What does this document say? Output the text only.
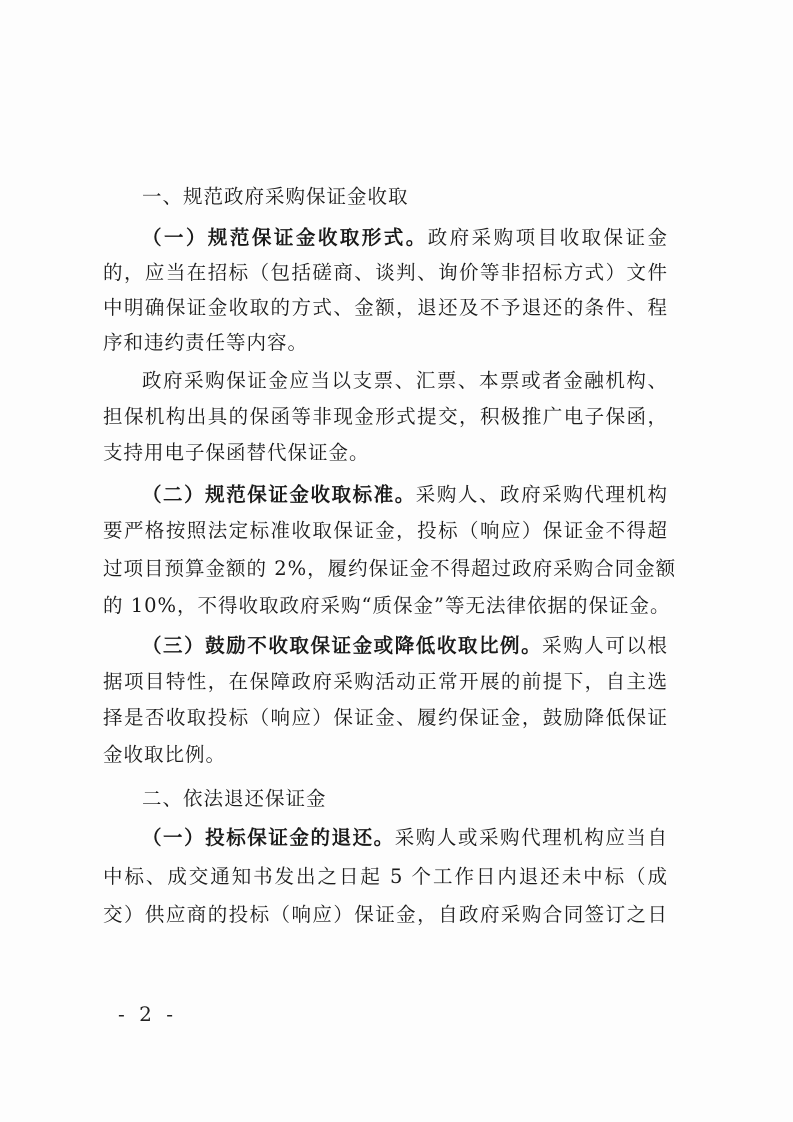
一、规范政府采购保证金收取
（一）规范保证金收取形式。政府采购项目收取保证金
的，应当在招标（包括磋商、谈判、询价等非招标方式）文件
中明确保证金收取的方式、金额，退还及不予退还的条件、程
序和违约责任等内容。
政府采购保证金应当以支票、汇票、本票或者金融机构、
担保机构出具的保函等非现金形式提交，积极推广电子保函，
支持用电子保函替代保证金。
（二）规范保证金收取标准。采购人、政府采购代理机构
要严格按照法定标准收取保证金，投标（响应）保证金不得超
过项目预算金额的 2%，履约保证金不得超过政府采购合同金额
的 10%，不得收取政府采购“质保金”等无法律依据的保证金。
（三）鼓励不收取保证金或降低收取比例。采购人可以根
据项目特性，在保障政府采购活动正常开展的前提下，自主选
择是否收取投标（响应）保证金、履约保证金，鼓励降低保证
金收取比例。
二、依法退还保证金
（一）投标保证金的退还。采购人或采购代理机构应当自
中标、成交通知书发出之日起 5 个工作日内退还未中标（成
交）供应商的投标（响应）保证金，自政府采购合同签订之日
- 2 -
